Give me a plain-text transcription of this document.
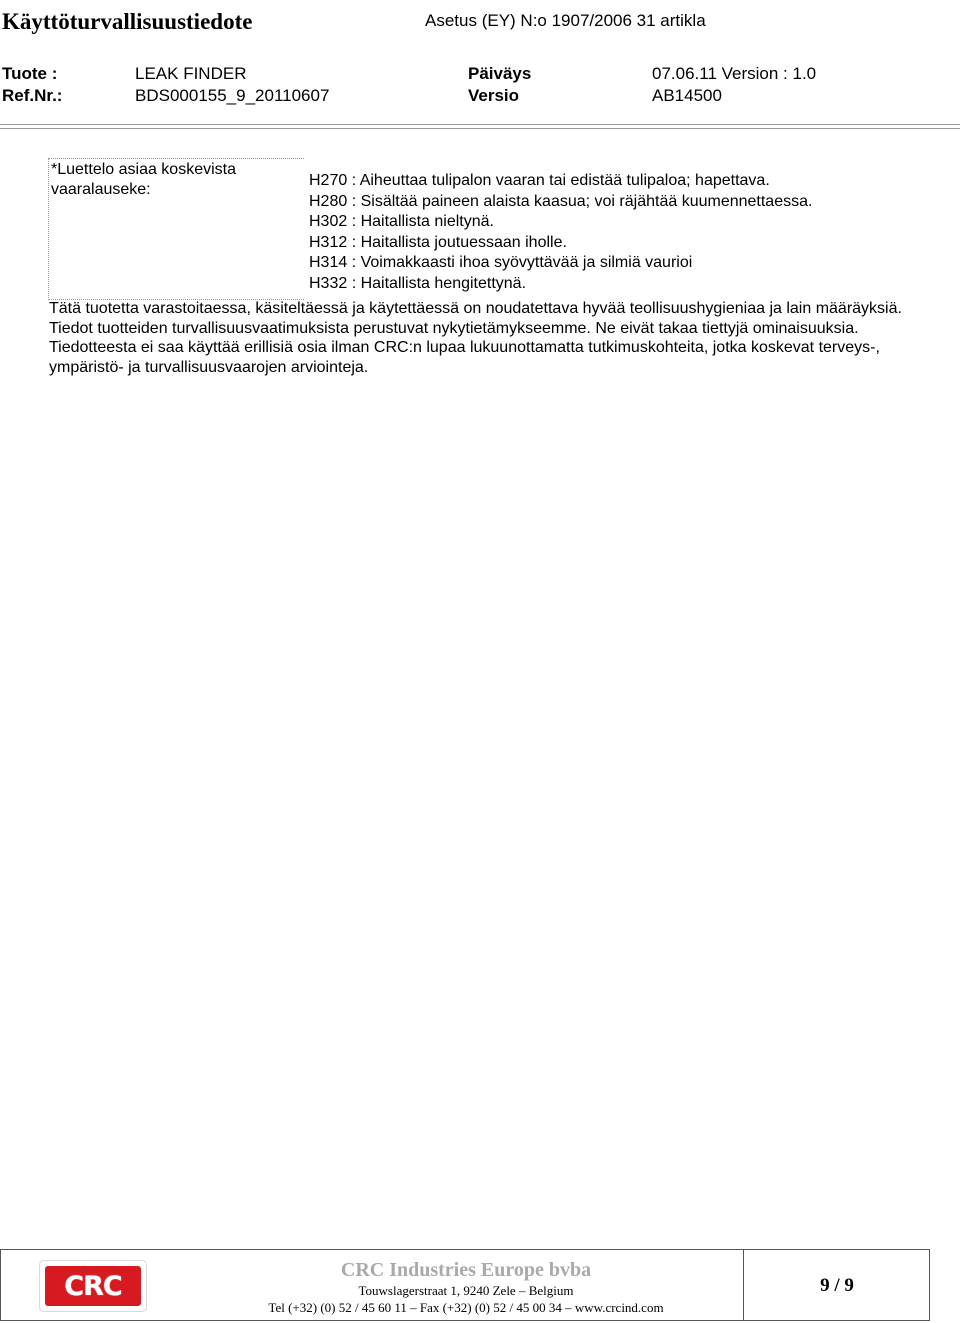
Käyttöturvallisuustiedote	Asetus (EY) N:o 1907/2006 31 artikla
Tuote :	LEAK FINDER	Päiväys	07.06.11 Version : 1.0
Ref.Nr.:	BDS000155_9_20110607	Versio	AB14500
*Luettelo asiaa koskevista vaaralauseke:
H270 : Aiheuttaa tulipalon vaaran tai edistää tulipaloa; hapettava.
H280 : Sisältää paineen alaista kaasua; voi räjähtää kuumennettaessa.
H302 : Haitallista nieltynä.
H312 : Haitallista joutuessaan iholle.
H314 : Voimakkaasti ihoa syövyttävää ja silmiä vaurioi
H332 : Haitallista hengitettynä.

Tätä tuotetta varastoitaessa, käsiteltäessä ja käytettäessä on noudatettava hyvää teollisuushygieniaa ja lain määräyksiä. Tiedot tuotteiden turvallisuusvaatimuksista perustuvat nykytietämykseemme. Ne eivät takaa tiettyjä ominaisuuksia.

Tiedotteesta ei saa käyttää erillisiä osia ilman CRC:n lupaa lukuunottamatta tutkimuskohteita, jotka koskevat terveys-, ympäristö- ja turvallisuusvaarojen arviointeja.

CRC
CRC Industries Europe bvba
Touwslagerstraat 1, 9240 Zele – Belgium
Tel (+32) (0) 52 / 45 60 11 – Fax (+32) (0) 52 / 45 00 34 – www.crcind.com
9 / 9
